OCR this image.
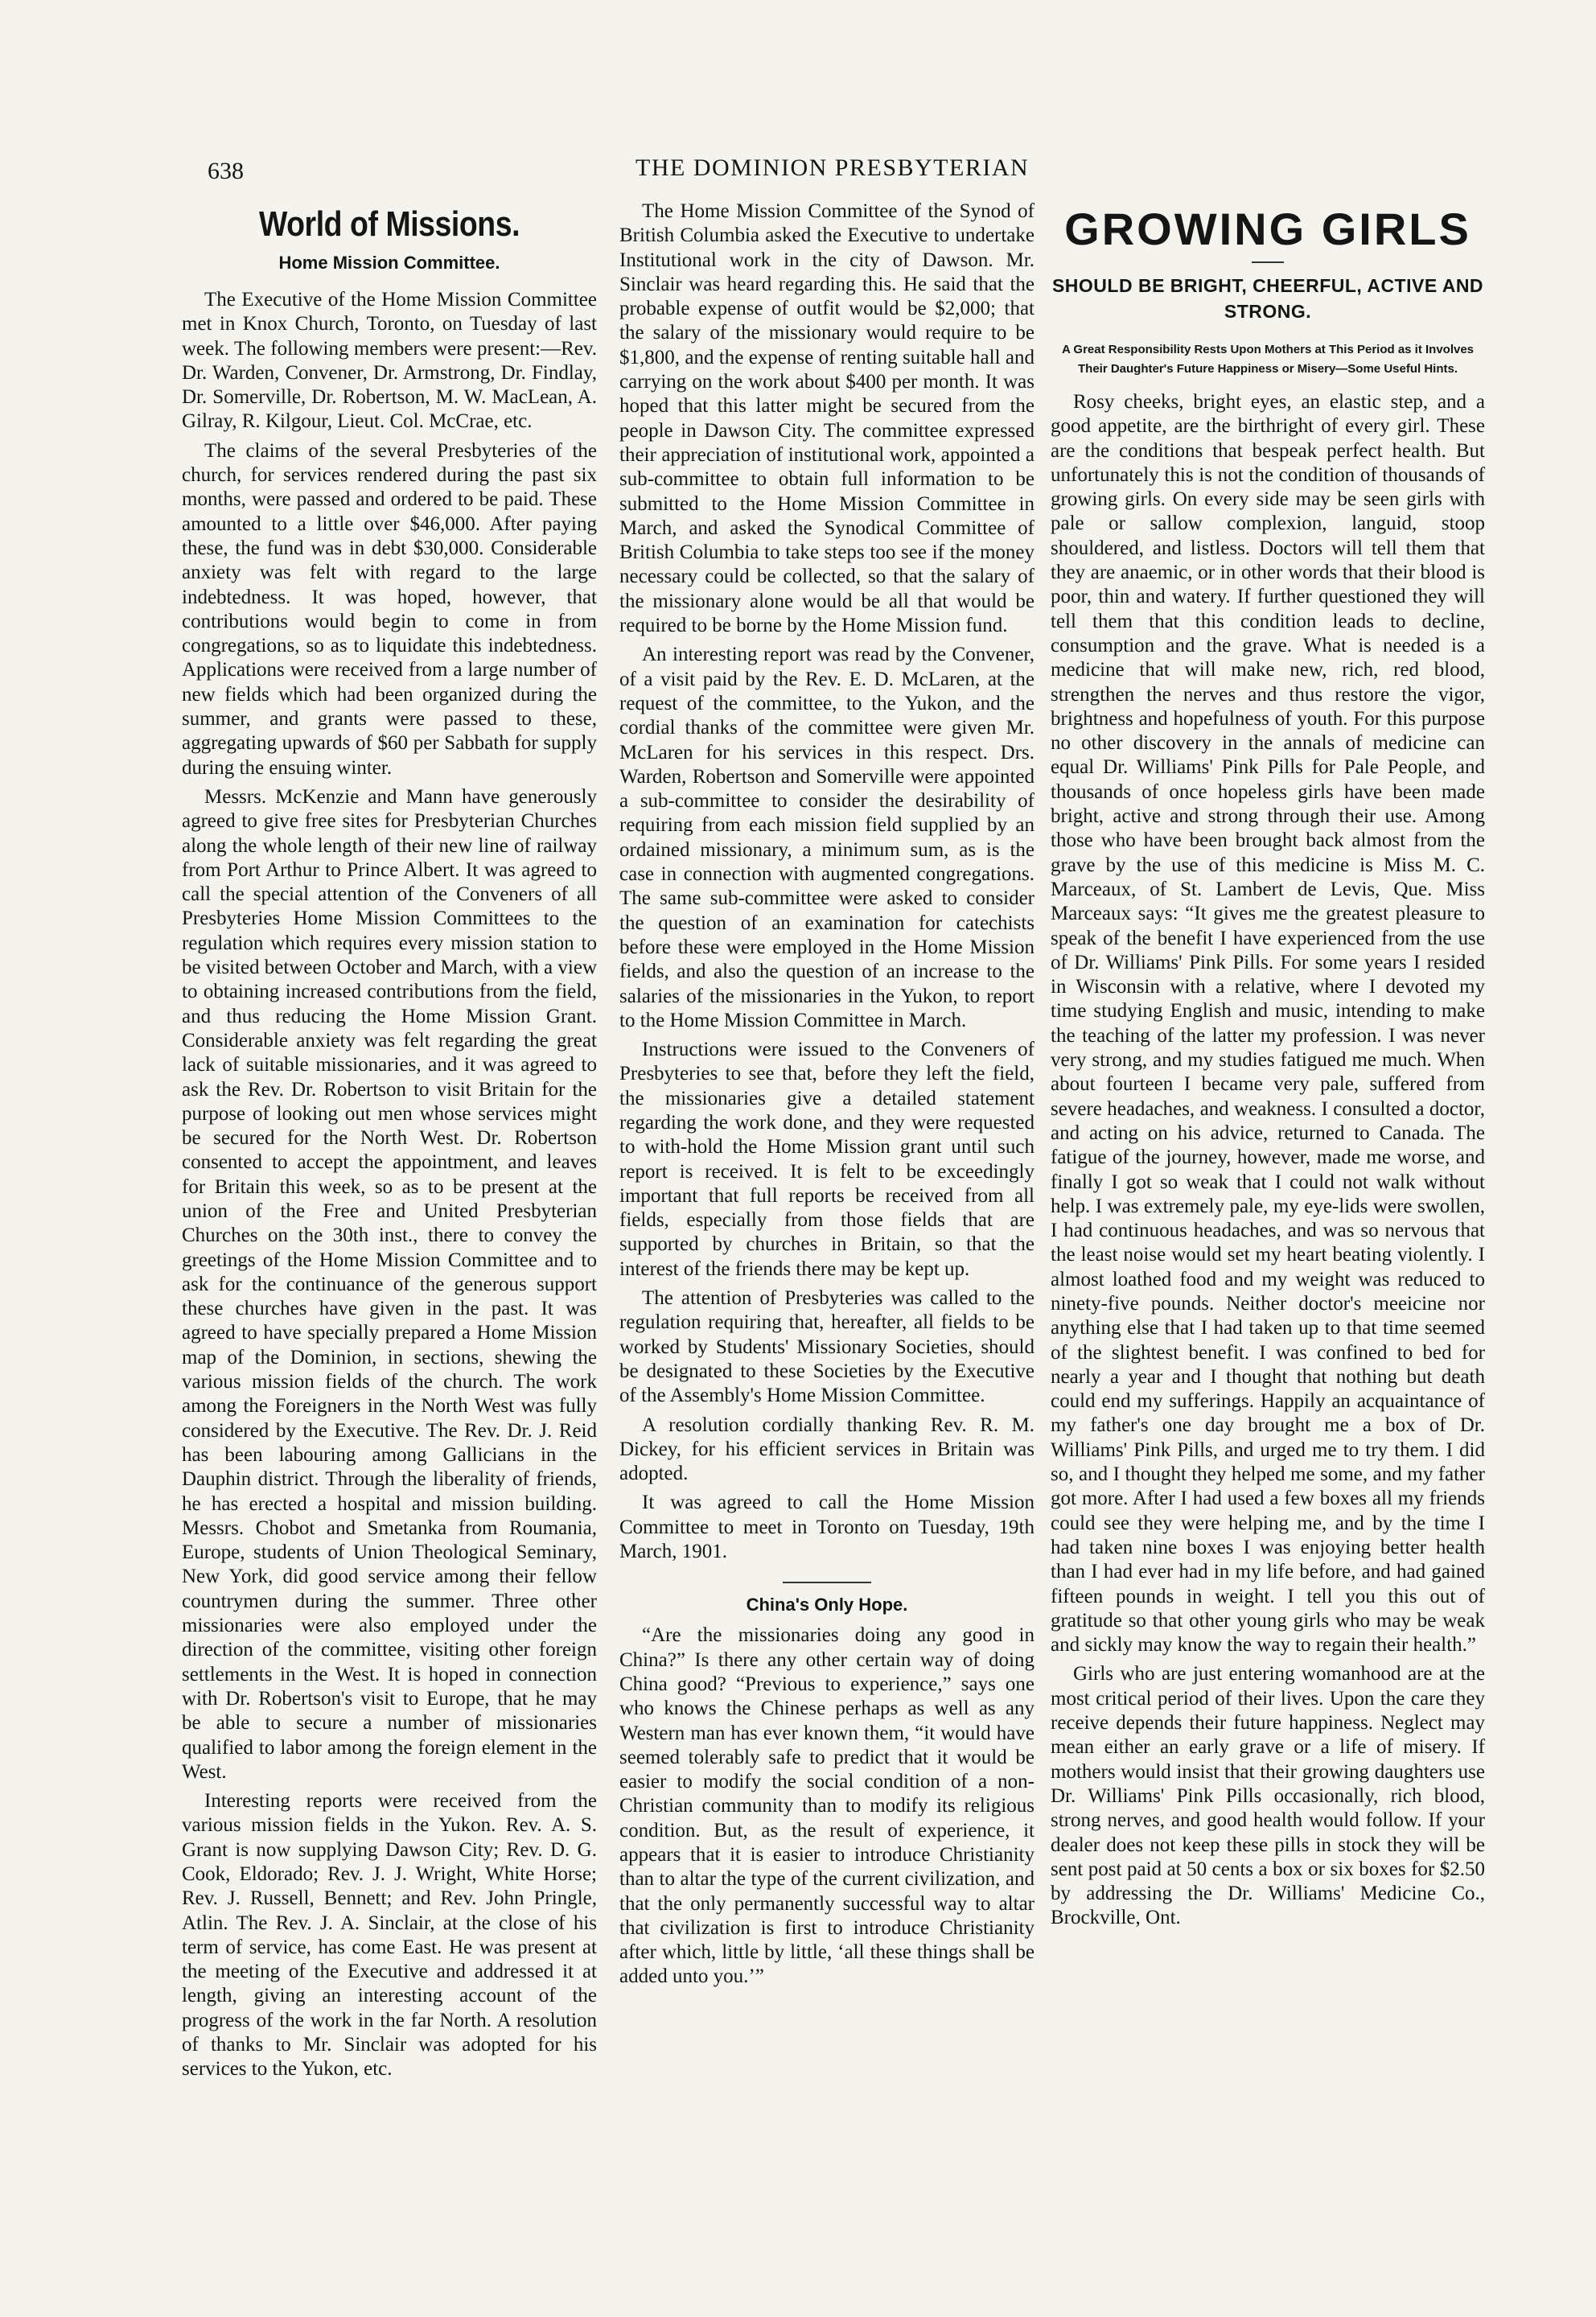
638	THE DOMINION PRESBYTERIAN
World of Missions.
Home Mission Committee.

The Executive of the Home Mission Committee met in Knox Church, Toronto, on Tuesday of last week. The following members were present:—Rev. Dr. Warden, Convener, Dr. Armstrong, Dr. Findlay, Dr. Somerville, Dr. Robertson, M. W. MacLean, A. Gilray, R. Kilgour, Lieut. Col. McCrae, etc.

The claims of the several Presbyteries of the church, for services rendered during the past six months, were passed and ordered to be paid. These amounted to a little over $46,000. After paying these, the fund was in debt $30,000. Considerable anxiety was felt with regard to the large indebtedness. It was hoped, however, that contributions would begin to come in from congregations, so as to liquidate this indebtedness. Applications were received from a large number of new fields which had been organized during the summer, and grants were passed to these, aggregating upwards of $60 per Sabbath for supply during the ensuing winter.

Messrs. McKenzie and Mann have generously agreed to give free sites for Presbyterian Churches along the whole length of their new line of railway from Port Arthur to Prince Albert. It was agreed to call the special attention of the Conveners of all Presbyteries Home Mission Committees to the regulation which requires every mission station to be visited between October and March, with a view to obtaining increased contributions from the field, and thus reducing the Home Mission Grant. Considerable anxiety was felt regarding the great lack of suitable missionaries, and it was agreed to ask the Rev. Dr. Robertson to visit Britain for the purpose of looking out men whose services might be secured for the North West. Dr. Robertson consented to accept the appointment, and leaves for Britain this week, so as to be present at the union of the Free and United Presbyterian Churches on the 30th inst., there to convey the greetings of the Home Mission Committee and to ask for the continuance of the generous support these churches have given in the past. It was agreed to have specially prepared a Home Mission map of the Dominion, in sections, shewing the various mission fields of the church. The work among the Foreigners in the North West was fully considered by the Executive. The Rev. Dr. J. Reid has been labouring among Gallicians in the Dauphin district. Through the liberality of friends, he has erected a hospital and mission building. Messrs. Chobot and Smetanka from Roumania, Europe, students of Union Theological Seminary, New York, did good service among their fellow countrymen during the summer. Three other missionaries were also employed under the direction of the committee, visiting other foreign settlements in the West. It is hoped in connection with Dr. Robertson's visit to Europe, that he may be able to secure a number of missionaries qualified to labor among the foreign element in the West.

Interesting reports were received from the various mission fields in the Yukon. Rev. A. S. Grant is now supplying Dawson City; Rev. D. G. Cook, Eldorado; Rev. J. J. Wright, White Horse; Rev. J. Russell, Bennett; and Rev. John Pringle, Atlin. The Rev. J. A. Sinclair, at the close of his term of service, has come East. He was present at the meeting of the Executive and addressed it at length, giving an interesting account of the progress of the work in the far North. A resolution of thanks to Mr. Sinclair was adopted for his services to the Yukon, etc.

The Home Mission Committee of the Synod of British Columbia asked the Executive to undertake Institutional work in the city of Dawson. Mr. Sinclair was heard regarding this. He said that the probable expense of outfit would be $2,000; that the salary of the missionary would require to be $1,800, and the expense of renting suitable hall and carrying on the work about $400 per month. It was hoped that this latter might be secured from the people in Dawson City. The committee expressed their appreciation of institutional work, appointed a sub-committee to obtain full information to be submitted to the Home Mission Committee in March, and asked the Synodical Committee of British Columbia to take steps too see if the money necessary could be collected, so that the salary of the missionary alone would be all that would be required to be borne by the Home Mission fund.

An interesting report was read by the Convener, of a visit paid by the Rev. E. D. McLaren, at the request of the committee, to the Yukon, and the cordial thanks of the committee were given Mr. McLaren for his services in this respect. Drs. Warden, Robertson and Somerville were appointed a sub-committee to consider the desirability of requiring from each mission field supplied by an ordained missionary, a minimum sum, as is the case in connection with augmented congregations. The same sub-committee were asked to consider the question of an examination for catechists before these were employed in the Home Mission fields, and also the question of an increase to the salaries of the missionaries in the Yukon, to report to the Home Mission Committee in March.

Instructions were issued to the Conveners of Presbyteries to see that, before they left the field, the missionaries give a detailed statement regarding the work done, and they were requested to with-hold the Home Mission grant until such report is received. It is felt to be exceedingly important that full reports be received from all fields, especially from those fields that are supported by churches in Britain, so that the interest of the friends there may be kept up.

The attention of Presbyteries was called to the regulation requiring that, hereafter, all fields to be worked by Students' Missionary Societies, should be designated to these Societies by the Executive of the Assembly's Home Mission Committee.

A resolution cordially thanking Rev. R. M. Dickey, for his efficient services in Britain was adopted.

It was agreed to call the Home Mission Committee to meet in Toronto on Tuesday, 19th March, 1901.

China's Only Hope.

“Are the missionaries doing any good in China?” Is there any other certain way of doing China good? “Previous to experience,” says one who knows the Chinese perhaps as well as any Western man has ever known them, “it would have seemed tolerably safe to predict that it would be easier to modify the social condition of a non-Christian community than to modify its religious condition. But, as the result of experience, it appears that it is easier to introduce Christianity than to altar the type of the current civilization, and that the only permanently successful way to altar that civilization is first to introduce Christianity after which, little by little, ‘all these things shall be added unto you.’”

GROWING GIRLS
SHOULD BE BRIGHT, CHEERFUL, ACTIVE AND STRONG.
A Great Responsibility Rests Upon Mothers at This Period as it Involves Their Daughter's Future Happiness or Misery—Some Useful Hints.

Rosy cheeks, bright eyes, an elastic step, and a good appetite, are the birthright of every girl. These are the conditions that bespeak perfect health. But unfortunately this is not the condition of thousands of growing girls. On every side may be seen girls with pale or sallow complexion, languid, stoop shouldered, and listless. Doctors will tell them that they are anaemic, or in other words that their blood is poor, thin and watery. If further questioned they will tell them that this condition leads to decline, consumption and the grave. What is needed is a medicine that will make new, rich, red blood, strengthen the nerves and thus restore the vigor, brightness and hopefulness of youth. For this purpose no other discovery in the annals of medicine can equal Dr. Williams' Pink Pills for Pale People, and thousands of once hopeless girls have been made bright, active and strong through their use. Among those who have been brought back almost from the grave by the use of this medicine is Miss M. C. Marceaux, of St. Lambert de Levis, Que. Miss Marceaux says: “It gives me the greatest pleasure to speak of the benefit I have experienced from the use of Dr. Williams' Pink Pills. For some years I resided in Wisconsin with a relative, where I devoted my time studying English and music, intending to make the teaching of the latter my profession. I was never very strong, and my studies fatigued me much. When about fourteen I became very pale, suffered from severe headaches, and weakness. I consulted a doctor, and acting on his advice, returned to Canada. The fatigue of the journey, however, made me worse, and finally I got so weak that I could not walk without help. I was extremely pale, my eye-lids were swollen, I had continuous headaches, and was so nervous that the least noise would set my heart beating violently. I almost loathed food and my weight was reduced to ninety-five pounds. Neither doctor's meeicine nor anything else that I had taken up to that time seemed of the slightest benefit. I was confined to bed for nearly a year and I thought that nothing but death could end my sufferings. Happily an acquaintance of my father's one day brought me a box of Dr. Williams' Pink Pills, and urged me to try them. I did so, and I thought they helped me some, and my father got more. After I had used a few boxes all my friends could see they were helping me, and by the time I had taken nine boxes I was enjoying better health than I had ever had in my life before, and had gained fifteen pounds in weight. I tell you this out of gratitude so that other young girls who may be weak and sickly may know the way to regain their health.”

Girls who are just entering womanhood are at the most critical period of their lives. Upon the care they receive depends their future happiness. Neglect may mean either an early grave or a life of misery. If mothers would insist that their growing daughters use Dr. Williams' Pink Pills occasionally, rich blood, strong nerves, and good health would follow. If your dealer does not keep these pills in stock they will be sent post paid at 50 cents a box or six boxes for $2.50 by addressing the Dr. Williams' Medicine Co., Brockville, Ont.
